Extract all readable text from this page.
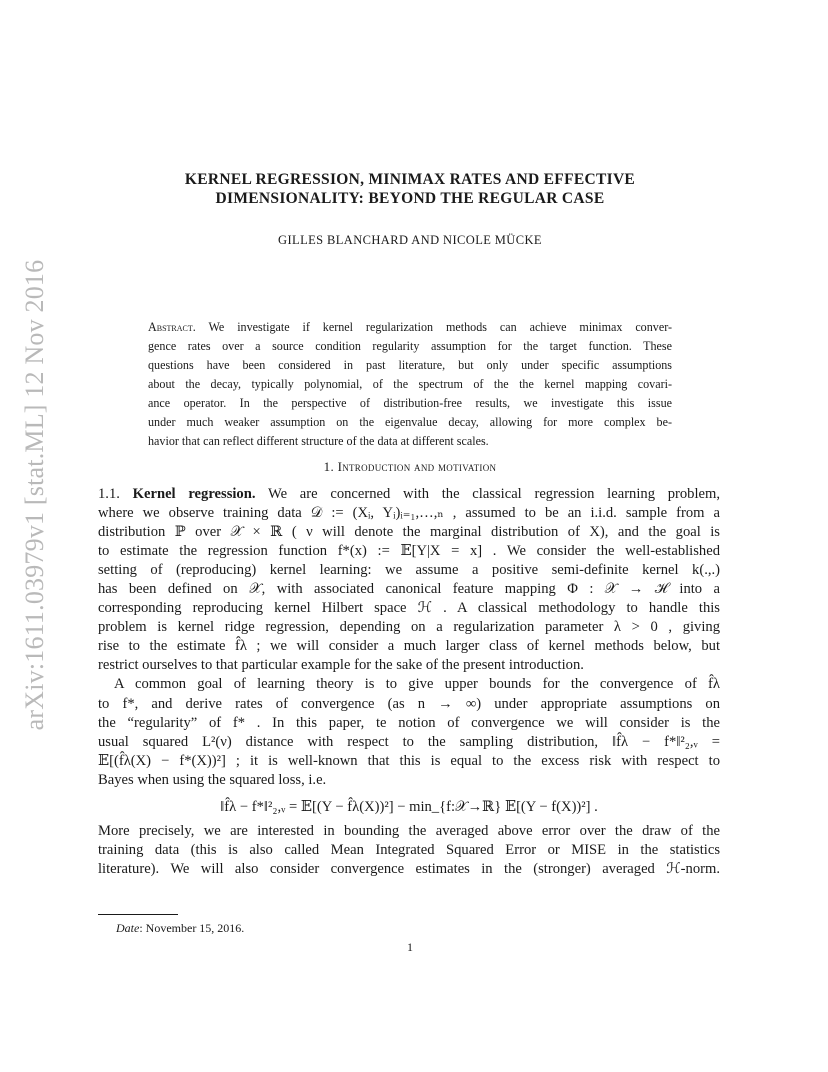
arXiv:1611.03979v1 [stat.ML] 12 Nov 2016
KERNEL REGRESSION, MINIMAX RATES AND EFFECTIVE
DIMENSIONALITY: BEYOND THE REGULAR CASE
GILLES BLANCHARD AND NICOLE MÜCKE
Abstract. We investigate if kernel regularization methods can achieve minimax conver-
gence rates over a source condition regularity assumption for the target function. These
questions have been considered in past literature, but only under specific assumptions
about the decay, typically polynomial, of the spectrum of the the kernel mapping covari-
ance operator. In the perspective of distribution-free results, we investigate this issue
under much weaker assumption on the eigenvalue decay, allowing for more complex be-
havior that can reflect different structure of the data at different scales.
1. Introduction and motivation
1.1. Kernel regression. We are concerned with the classical regression learning problem,
where we observe training data 𝒟 := (Xᵢ, Yᵢ)ᵢ₌₁,…,ₙ , assumed to be an i.i.d. sample from a
distribution ℙ over 𝒳 × ℝ ( ν will denote the marginal distribution of X), and the goal is
to estimate the regression function f*(x) := 𝔼[Y|X = x] . We consider the well-established
setting of (reproducing) kernel learning: we assume a positive semi-definite kernel k(.,.)
has been defined on 𝒳, with associated canonical feature mapping Φ : 𝒳 → ℋ into a
corresponding reproducing kernel Hilbert space ℋ . A classical methodology to handle this
problem is kernel ridge regression, depending on a regularization parameter λ > 0 , giving
rise to the estimate f̂λ ; we will consider a much larger class of kernel methods below, but
restrict ourselves to that particular example for the sake of the present introduction.
A common goal of learning theory is to give upper bounds for the convergence of f̂λ
to f*, and derive rates of convergence (as n → ∞) under appropriate assumptions on
the “regularity” of f* . In this paper, te notion of convergence we will consider is the
usual squared L²(ν) distance with respect to the sampling distribution, ‖f̂λ − f*‖²₂,ᵥ =
𝔼[(f̂λ(X) − f*(X))²] ; it is well-known that this is equal to the excess risk with respect to
Bayes when using the squared loss, i.e.
‖f̂λ − f*‖²₂,ᵥ = 𝔼[(Y − f̂λ(X))²] − min_{f:𝒳→ℝ} 𝔼[(Y − f(X))²] .
More precisely, we are interested in bounding the averaged above error over the draw of the
training data (this is also called Mean Integrated Squared Error or MISE in the statistics
literature). We will also consider convergence estimates in the (stronger) averaged ℋ-norm.
Date: November 15, 2016.
1
